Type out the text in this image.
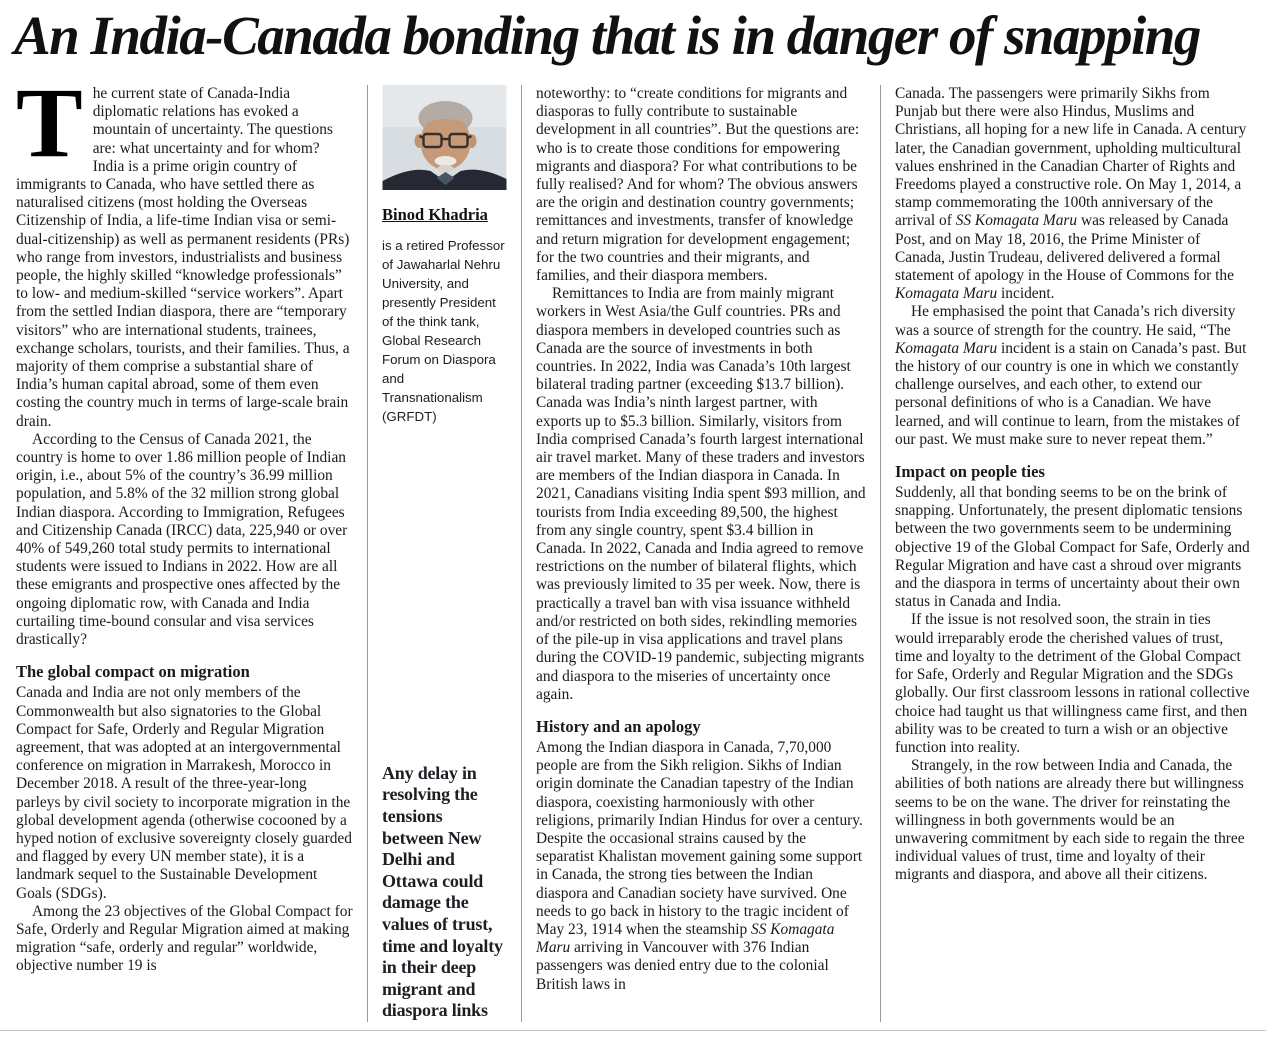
An India-Canada bonding that is in danger of snapping

The current state of Canada-India diplomatic relations has evoked a mountain of uncertainty. The questions are: what uncertainty and for whom? India is a prime origin country of immigrants to Canada, who have settled there as naturalised citizens (most holding the Overseas Citizenship of India, a life-time Indian visa or semi-dual-citizenship) as well as permanent residents (PRs) who range from investors, industrialists and business people, the highly skilled “knowledge professionals” to low- and medium-skilled “service workers”. Apart from the settled Indian diaspora, there are “temporary visitors” who are international students, trainees, exchange scholars, tourists, and their families. Thus, a majority of them comprise a substantial share of India’s human capital abroad, some of them even costing the country much in terms of large-scale brain drain.

According to the Census of Canada 2021, the country is home to over 1.86 million people of Indian origin, i.e., about 5% of the country’s 36.99 million population, and 5.8% of the 32 million strong global Indian diaspora. According to Immigration, Refugees and Citizenship Canada (IRCC) data, 225,940 or over 40% of 549,260 total study permits to international students were issued to Indians in 2022. How are all these emigrants and prospective ones affected by the ongoing diplomatic row, with Canada and India curtailing time-bound consular and visa services drastically?

The global compact on migration

Canada and India are not only members of the Commonwealth but also signatories to the Global Compact for Safe, Orderly and Regular Migration agreement, that was adopted at an intergovernmental conference on migration in Marrakesh, Morocco in December 2018. A result of the three-year-long parleys by civil society to incorporate migration in the global development agenda (otherwise cocooned by a hyped notion of exclusive sovereignty closely guarded and flagged by every UN member state), it is a landmark sequel to the Sustainable Development Goals (SDGs).

Among the 23 objectives of the Global Compact for Safe, Orderly and Regular Migration aimed at making migration “safe, orderly and regular” worldwide, objective number 19 is

Binod Khadria
is a retired Professor of Jawaharlal Nehru University, and presently President of the think tank, Global Research Forum on Diaspora and Transnationalism (GRFDT)
Any delay in resolving the tensions between New Delhi and Ottawa could damage the values of trust, time and loyalty in their deep migrant and diaspora links

noteworthy: to “create conditions for migrants and diasporas to fully contribute to sustainable development in all countries”. But the questions are: who is to create those conditions for empowering migrants and diaspora? For what contributions to be fully realised? And for whom? The obvious answers are the origin and destination country governments; remittances and investments, transfer of knowledge and return migration for development engagement; for the two countries and their migrants, and families, and their diaspora members.

Remittances to India are from mainly migrant workers in West Asia/the Gulf countries. PRs and diaspora members in developed countries such as Canada are the source of investments in both countries. In 2022, India was Canada’s 10th largest bilateral trading partner (exceeding $13.7 billion). Canada was India’s ninth largest partner, with exports up to $5.3 billion. Similarly, visitors from India comprised Canada’s fourth largest international air travel market. Many of these traders and investors are members of the Indian diaspora in Canada. In 2021, Canadians visiting India spent $93 million, and tourists from India exceeding 89,500, the highest from any single country, spent $3.4 billion in Canada. In 2022, Canada and India agreed to remove restrictions on the number of bilateral flights, which was previously limited to 35 per week. Now, there is practically a travel ban with visa issuance withheld and/or restricted on both sides, rekindling memories of the pile-up in visa applications and travel plans during the COVID-19 pandemic, subjecting migrants and diaspora to the miseries of uncertainty once again.

History and an apology

Among the Indian diaspora in Canada, 7,70,000 people are from the Sikh religion. Sikhs of Indian origin dominate the Canadian tapestry of the Indian diaspora, coexisting harmoniously with other religions, primarily Indian Hindus for over a century. Despite the occasional strains caused by the separatist Khalistan movement gaining some support in Canada, the strong ties between the Indian diaspora and Canadian society have survived. One needs to go back in history to the tragic incident of May 23, 1914 when the steamship SS Komagata Maru arriving in Vancouver with 376 Indian passengers was denied entry due to the colonial British laws in

Canada. The passengers were primarily Sikhs from Punjab but there were also Hindus, Muslims and Christians, all hoping for a new life in Canada. A century later, the Canadian government, upholding multicultural values enshrined in the Canadian Charter of Rights and Freedoms played a constructive role. On May 1, 2014, a stamp commemorating the 100th anniversary of the arrival of SS Komagata Maru was released by Canada Post, and on May 18, 2016, the Prime Minister of Canada, Justin Trudeau, delivered delivered a formal statement of apology in the House of Commons for the Komagata Maru incident.

He emphasised the point that Canada’s rich diversity was a source of strength for the country. He said, “The Komagata Maru incident is a stain on Canada’s past. But the history of our country is one in which we constantly challenge ourselves, and each other, to extend our personal definitions of who is a Canadian. We have learned, and will continue to learn, from the mistakes of our past. We must make sure to never repeat them.”

Impact on people ties

Suddenly, all that bonding seems to be on the brink of snapping. Unfortunately, the present diplomatic tensions between the two governments seem to be undermining objective 19 of the Global Compact for Safe, Orderly and Regular Migration and have cast a shroud over migrants and the diaspora in terms of uncertainty about their own status in Canada and India.

If the issue is not resolved soon, the strain in ties would irreparably erode the cherished values of trust, time and loyalty to the detriment of the Global Compact for Safe, Orderly and Regular Migration and the SDGs globally. Our first classroom lessons in rational collective choice had taught us that willingness came first, and then ability was to be created to turn a wish or an objective function into reality.

Strangely, in the row between India and Canada, the abilities of both nations are already there but willingness seems to be on the wane. The driver for reinstating the willingness in both governments would be an unwavering commitment by each side to regain the three individual values of trust, time and loyalty of their migrants and diaspora, and above all their citizens.
